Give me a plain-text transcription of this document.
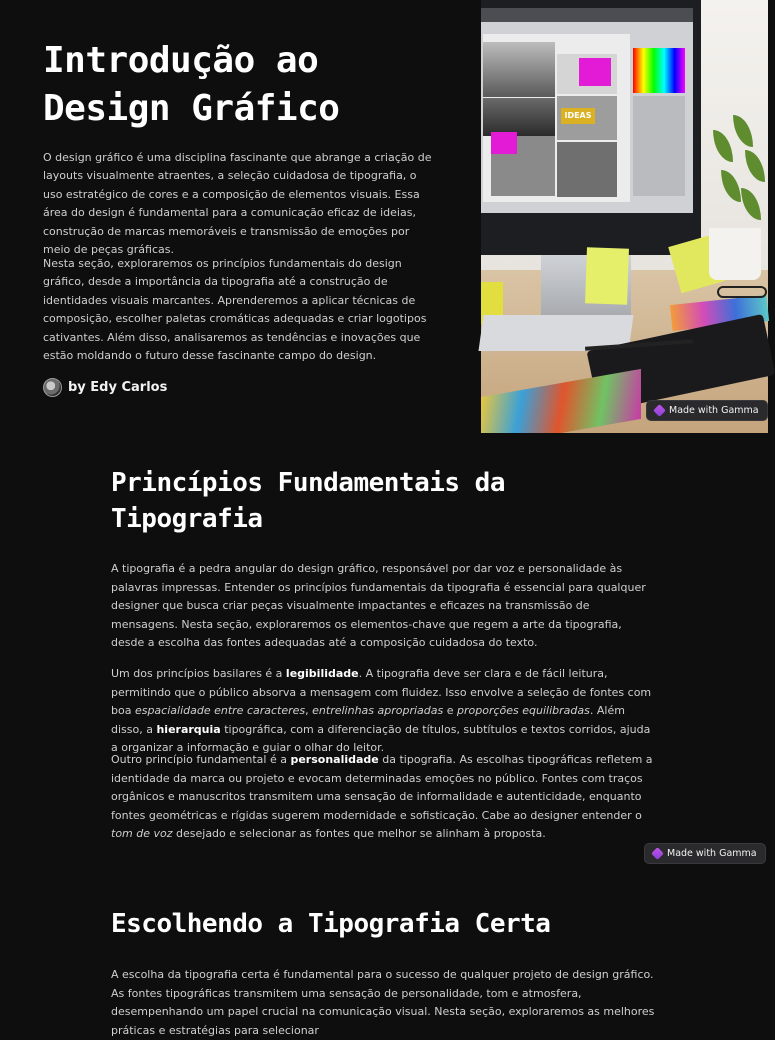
Introdução ao
Design Gráfico

O design gráfico é uma disciplina fascinante que abrange a criação de layouts visualmente atraentes, a seleção cuidadosa de tipografia, o uso estratégico de cores e a composição de elementos visuais. Essa área do design é fundamental para a comunicação eficaz de ideias, construção de marcas memoráveis e transmissão de emoções por meio de peças gráficas.

Nesta seção, exploraremos os princípios fundamentais do design gráfico, desde a importância da tipografia até a construção de identidades visuais marcantes. Aprenderemos a aplicar técnicas de composição, escolher paletas cromáticas adequadas e criar logotipos cativantes. Além disso, analisaremos as tendências e inovações que estão moldando o futuro desse fascinante campo do design.

by Edy Carlos
IDEAS
Made with Gamma
Princípios Fundamentais da Tipografia

A tipografia é a pedra angular do design gráfico, responsável por dar voz e personalidade às palavras impressas. Entender os princípios fundamentais da tipografia é essencial para qualquer designer que busca criar peças visualmente impactantes e eficazes na transmissão de mensagens. Nesta seção, exploraremos os elementos-chave que regem a arte da tipografia, desde a escolha das fontes adequadas até a composição cuidadosa do texto.

Um dos princípios basilares é a legibilidade. A tipografia deve ser clara e de fácil leitura, permitindo que o público absorva a mensagem com fluidez. Isso envolve a seleção de fontes com boa espacialidade entre caracteres, entrelinhas apropriadas e proporções equilibradas. Além disso, a hierarquia tipográfica, com a diferenciação de títulos, subtítulos e textos corridos, ajuda a organizar a informação e guiar o olhar do leitor.

Outro princípio fundamental é a personalidade da tipografia. As escolhas tipográficas refletem a identidade da marca ou projeto e evocam determinadas emoções no público. Fontes com traços orgânicos e manuscritos transmitem uma sensação de informalidade e autenticidade, enquanto fontes geométricas e rígidas sugerem modernidade e sofisticação. Cabe ao designer entender o tom de voz desejado e selecionar as fontes que melhor se alinham à proposta.

Made with Gamma
Escolhendo a Tipografia Certa

A escolha da tipografia certa é fundamental para o sucesso de qualquer projeto de design gráfico. As fontes tipográficas transmitem uma sensação de personalidade, tom e atmosfera, desempenhando um papel crucial na comunicação visual. Nesta seção, exploraremos as melhores práticas e estratégias para selecionar
